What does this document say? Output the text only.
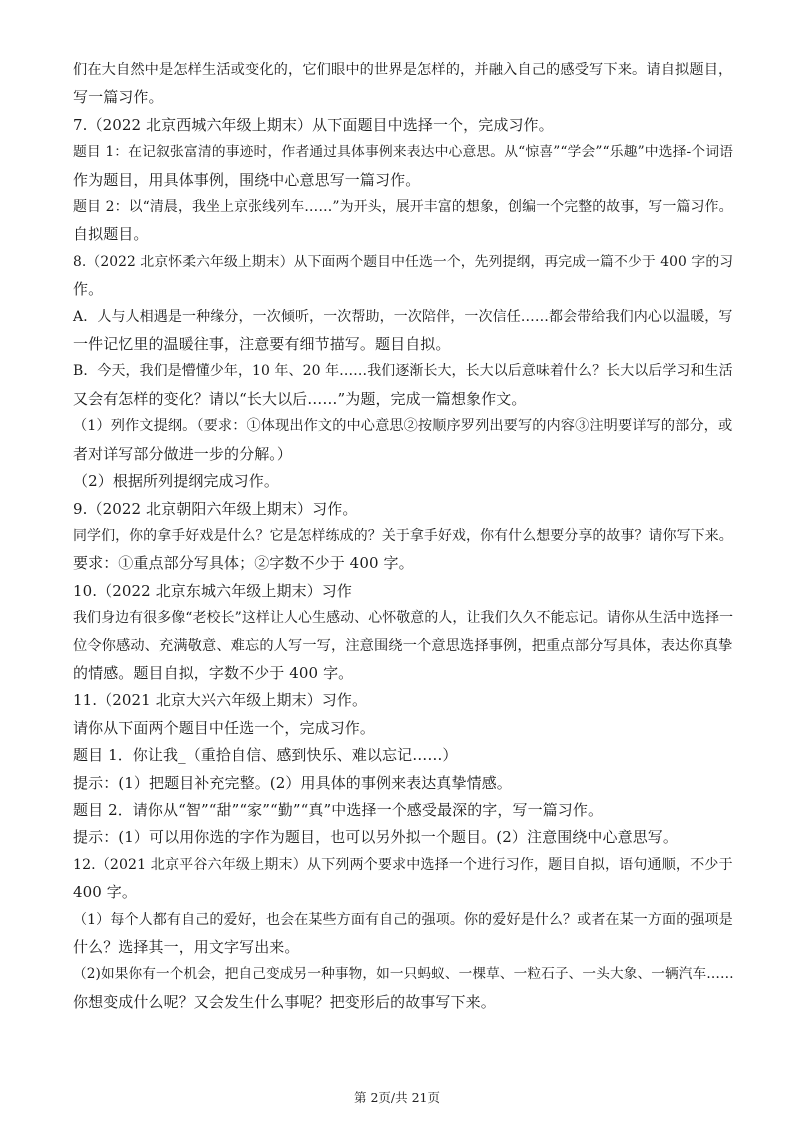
们在大自然中是怎样生活或变化的，它们眼中的世界是怎样的，并融入自己的感受写下来。请自拟题目，

写一篇习作。

7.（2022 北京西城六年级上期末）从下面题目中选择一个，完成习作。

题目 1：在记叙张富清的事迹时，作者通过具体事例来表达中心意思。从“惊喜”“学会”“乐趣”中选择-个词语

作为题目，用具体事例，围绕中心意思写一篇习作。

题目 2：以“清晨，我坐上京张线列车……”为开头，展开丰富的想象，创编一个完整的故事，写一篇习作。

自拟题目。

8.（2022 北京怀柔六年级上期末）从下面两个题目中任选一个，先列提纲，再完成一篇不少于 400 字的习

作。

A．人与人相遇是一种缘分，一次倾听，一次帮助，一次陪伴，一次信任……都会带给我们内心以温暖，写

一件记忆里的温暖往事，注意要有细节描写。题目自拟。

B．今天，我们是懵懂少年，10 年、20 年……我们逐渐长大，长大以后意味着什么？长大以后学习和生活

又会有怎样的变化？请以“长大以后……”为题，完成一篇想象作文。

（1）列作文提纲。（要求：①体现出作文的中心意思②按顺序罗列出要写的内容③注明要详写的部分，或

者对详写部分做进一步的分解。）

（2）根据所列提纲完成习作。

9.（2022 北京朝阳六年级上期末）习作。

同学们，你的拿手好戏是什么？它是怎样练成的？关于拿手好戏，你有什么想要分享的故事？请你写下来。

要求：①重点部分写具体；②字数不少于 400 字。

10.（2022 北京东城六年级上期末）习作

我们身边有很多像“老校长”这样让人心生感动、心怀敬意的人，让我们久久不能忘记。请你从生活中选择一

位令你感动、充满敬意、难忘的人写一写，注意围绕一个意思选择事例，把重点部分写具体，表达你真挚

的情感。题目自拟，字数不少于 400 字。

11.（2021 北京大兴六年级上期末）习作。

请你从下面两个题目中任选一个，完成习作。

题目 1．你让我_（重拾自信、感到快乐、难以忘记……）

提示：(1）把题目补充完整。(2）用具体的事例来表达真挚情感。

题目 2．请你从“智”“甜”“家”“勤”“真”中选择一个感受最深的字，写一篇习作。

提示：(1）可以用你选的字作为题目，也可以另外拟一个题目。(2）注意围绕中心意思写。

12.（2021 北京平谷六年级上期末）从下列两个要求中选择一个进行习作，题目自拟，语句通顺，不少于

400 字。

（1）每个人都有自己的爱好，也会在某些方面有自己的强项。你的爱好是什么？或者在某一方面的强项是

什么？选择其一，用文字写出来。

（2)如果你有一个机会，把自己变成另一种事物，如一只蚂蚁、一棵草、一粒石子、一头大象、一辆汽车……

你想变成什么呢？又会发生什么事呢？把变形后的故事写下来。

第 2页/共 21页
